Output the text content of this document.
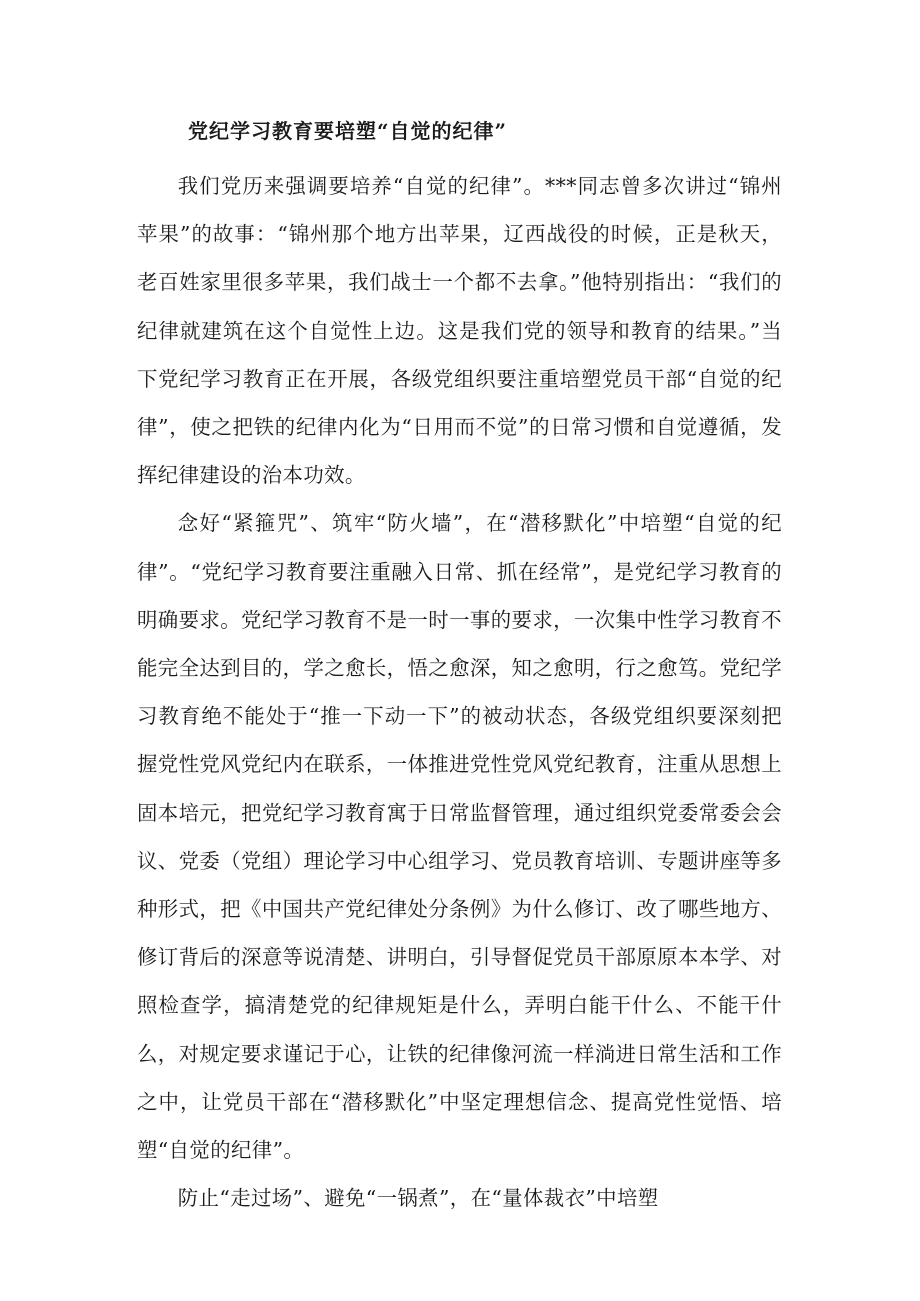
党纪学习教育要培塑“自觉的纪律”

我们党历来强调要培养“自觉的纪律”。***同志曾多次讲过“锦州苹果”的故事：“锦州那个地方出苹果，辽西战役的时候，正是秋天，老百姓家里很多苹果，我们战士一个都不去拿。”他特别指出：“我们的纪律就建筑在这个自觉性上边。这是我们党的领导和教育的结果。”当下党纪学习教育正在开展，各级党组织要注重培塑党员干部“自觉的纪律”，使之把铁的纪律内化为“日用而不觉”的日常习惯和自觉遵循，发挥纪律建设的治本功效。

念好“紧箍咒”、筑牢“防火墙”，在“潜移默化”中培塑“自觉的纪律”。“党纪学习教育要注重融入日常、抓在经常”，是党纪学习教育的明确要求。党纪学习教育不是一时一事的要求，一次集中性学习教育不能完全达到目的，学之愈长，悟之愈深，知之愈明，行之愈笃。党纪学习教育绝不能处于“推一下动一下”的被动状态，各级党组织要深刻把握党性党风党纪内在联系，一体推进党性党风党纪教育，注重从思想上固本培元，把党纪学习教育寓于日常监督管理，通过组织党委常委会会议、党委（党组）理论学习中心组学习、党员教育培训、专题讲座等多种形式，把《中国共产党纪律处分条例》为什么修订、改了哪些地方、修订背后的深意等说清楚、讲明白，引导督促党员干部原原本本学、对照检查学，搞清楚党的纪律规矩是什么，弄明白能干什么、不能干什么，对规定要求谨记于心，让铁的纪律像河流一样淌进日常生活和工作之中，让党员干部在“潜移默化”中坚定理想信念、提高党性觉悟、培塑“自觉的纪律”。

防止“走过场”、避免“一锅煮”，在“量体裁衣”中培塑
